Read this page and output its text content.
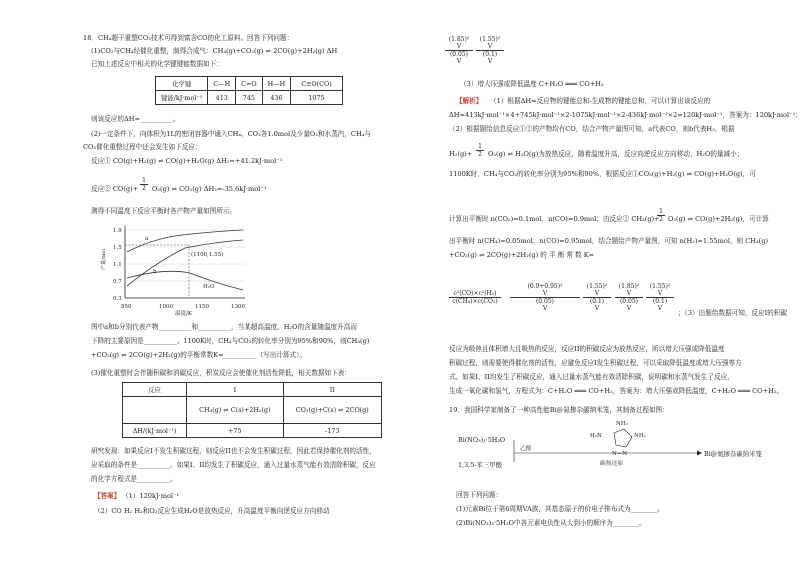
18．CH₄超干重整CO₂技术可得到富含CO的化工原料。回答下列问题：
(1)CO₂与CH₄经催化重整，制得合成气：CH₄(g)+CO₂(g) ⇌ 2CO(g)+2H₂(g) ΔH
已知上述反应中相关的化学键键能数据如下：
化学键	C—H	C=O	H—H	C≡O(CO)
键能/kJ·mol⁻¹	413	745	436	1075
则该反应的ΔH=__________。
(2)一定条件下，向体积为1L的密闭容器中通入CH₄、CO₂各1.0mol及少量O₂和水蒸汽，CH₄与
CO₂催化重整过程中还会发生如下反应：
反应① CO(g)+H₂(g) ⇌ CO(g)+H₂O(g) ΔH₁=+41.2kJ·mol⁻¹
反应② $CO(g)+ \frac{1}{2} O_2(g)$ ⇌ CO₂(g) ΔH₂=-35.6kJ·mol⁻¹
测得不同温度下反应平衡时各产物产量如图所示。
产量/mol
1.9
1.5
1.1
0.7
0.3
850	1000	1150	1300
温度/K
(1100,1.55)
a
b
H₂O
图中a和b分别代表产物__________和__________，当某超高温度，H₂O的含量随温度升高而
下降的主要原因是__________。1100K时，CH₄与CO₂的转化率分别为95%和90%，则CH₄(g)
+CO₂(g) ⇌ 2CO(g)+2H₂(g)的平衡常数K=__________（写出计算式）。
(3)催化重整时会伴随积碳和消碳反应，积炭反应会使催化剂活性降低，相关数据如下表：
反应	I	II
	CH₄(g) ⇌ C(s)+2H₂(g)	CO₂(g)+C(s) ⇌ 2CO(g)
ΔH/(kJ·mol⁻¹)	+75	-173
研究发现：如果反应I不发生积碳过程，则反应II也不会发生积碳过程，因此若保持催化剂的活性，
应采取的条件是__________。如果I、II均发生了积碳反应，通入过量水蒸气能有效清除积碳，反应
的化学方程式是__________。
【答案】 （1）120kJ·mol⁻¹
（2）CO H₂ H₂和O₂反应生成H₂O是放热反应，升高温度平衡向逆反应方向移动
(1.85)²
V
(0.05)
V
(1.55)²
V
(0.1)
V
（3）增大压强或降低温度 C+H₂O ═══ CO+H₂
【解析】 （1）根据ΔH=反应物的键能总和-生成物的键能总和，可以计算出该反应的
ΔH=413kJ·mol⁻¹×4+745kJ·mol⁻¹×2-1075kJ·mol⁻¹×2-436kJ·mol⁻¹×2=120kJ·mol⁻¹，答案为：120kJ·mol⁻¹；
（2）根据题给信息反应①②的产物均有CO，结合产物产量图可知，a代表CO，则b代表H₂，根据
$H_2(g)+ \frac{1}{2} O_2(g)$ ⇌ H₂O(g)为放热反应，随着温度升高，反应向逆反应方向移动，H₂O的量减小；
1100K时，CH₄与CO₂的转化率分别为95%和90%，根据反应①CO₂(g)+H₂(g) ⇌ CO(g)+H₂O(g)，可
计算出平衡时 n(CO₂)=0.1mol，n(CO)=0.9mol；由反应② CH₄(g)+
$\frac{1}{2} O_2(g)$ ⇌ CO(g)+2H₂(g)，可计算
出平衡时 n(CH₄)=0.05mol，n(CO)=0.95mol，结合题给产物产量图，可知 n(H₂)=1.55mol，则 CH₄(g)
+CO₂(g) ⇌ 2CO(g)+2H₂(g) 的 平 衡 常 数 K=
$\frac{\text{c²(CO)×c²(H₂)}}{\text{c(CH₄)×c(CO₂)}}$
(0.9+0.95)²
V
(0.05)
V
(1.55)²
V
(0.1)
V
(1.85)²
V
(0.05)
V
(1.55)²
V
(0.1)
V
；（3）由题给数据可知，反应I的积碳
反应为吸热且体积增大且吸热的反应，反应II的积碳反应为放热反应，所以增大压强或降低温度
积碳过程，则需要使得催化剂的活性，应避免反应I发生积碳过程，可以采取降低温度或增大压强等方
式。如果I、II均发生了积碳反应，通入过量水蒸气能有效清除积碳，说明碳和水蒸气发生了反应，
生成一氧化碳和氢气，方程式为：C+H₂O ═══ CO+H₂，答案为：增大压强或降低温度，C+H₂O ═══ CO+H₂。
19．我国科学家制备了一种高性能Bi@氮掺杂碳纳米笼，其制备过程如图：
Bi(NO₃)₃·5H₂O
1,3,5-苯三甲酸
乙醇
碳热还原
NH₂
H₂N	NH₂
N—N	Bi@氮掺杂碳纳米笼
回答下列问题：
(1)元素Bi位于第6周期VA族，其基态原子的价电子排布式为________。
(2)Bi(NO₃)₃·5H₂O中各元素电负性从大到小的顺序为________。
